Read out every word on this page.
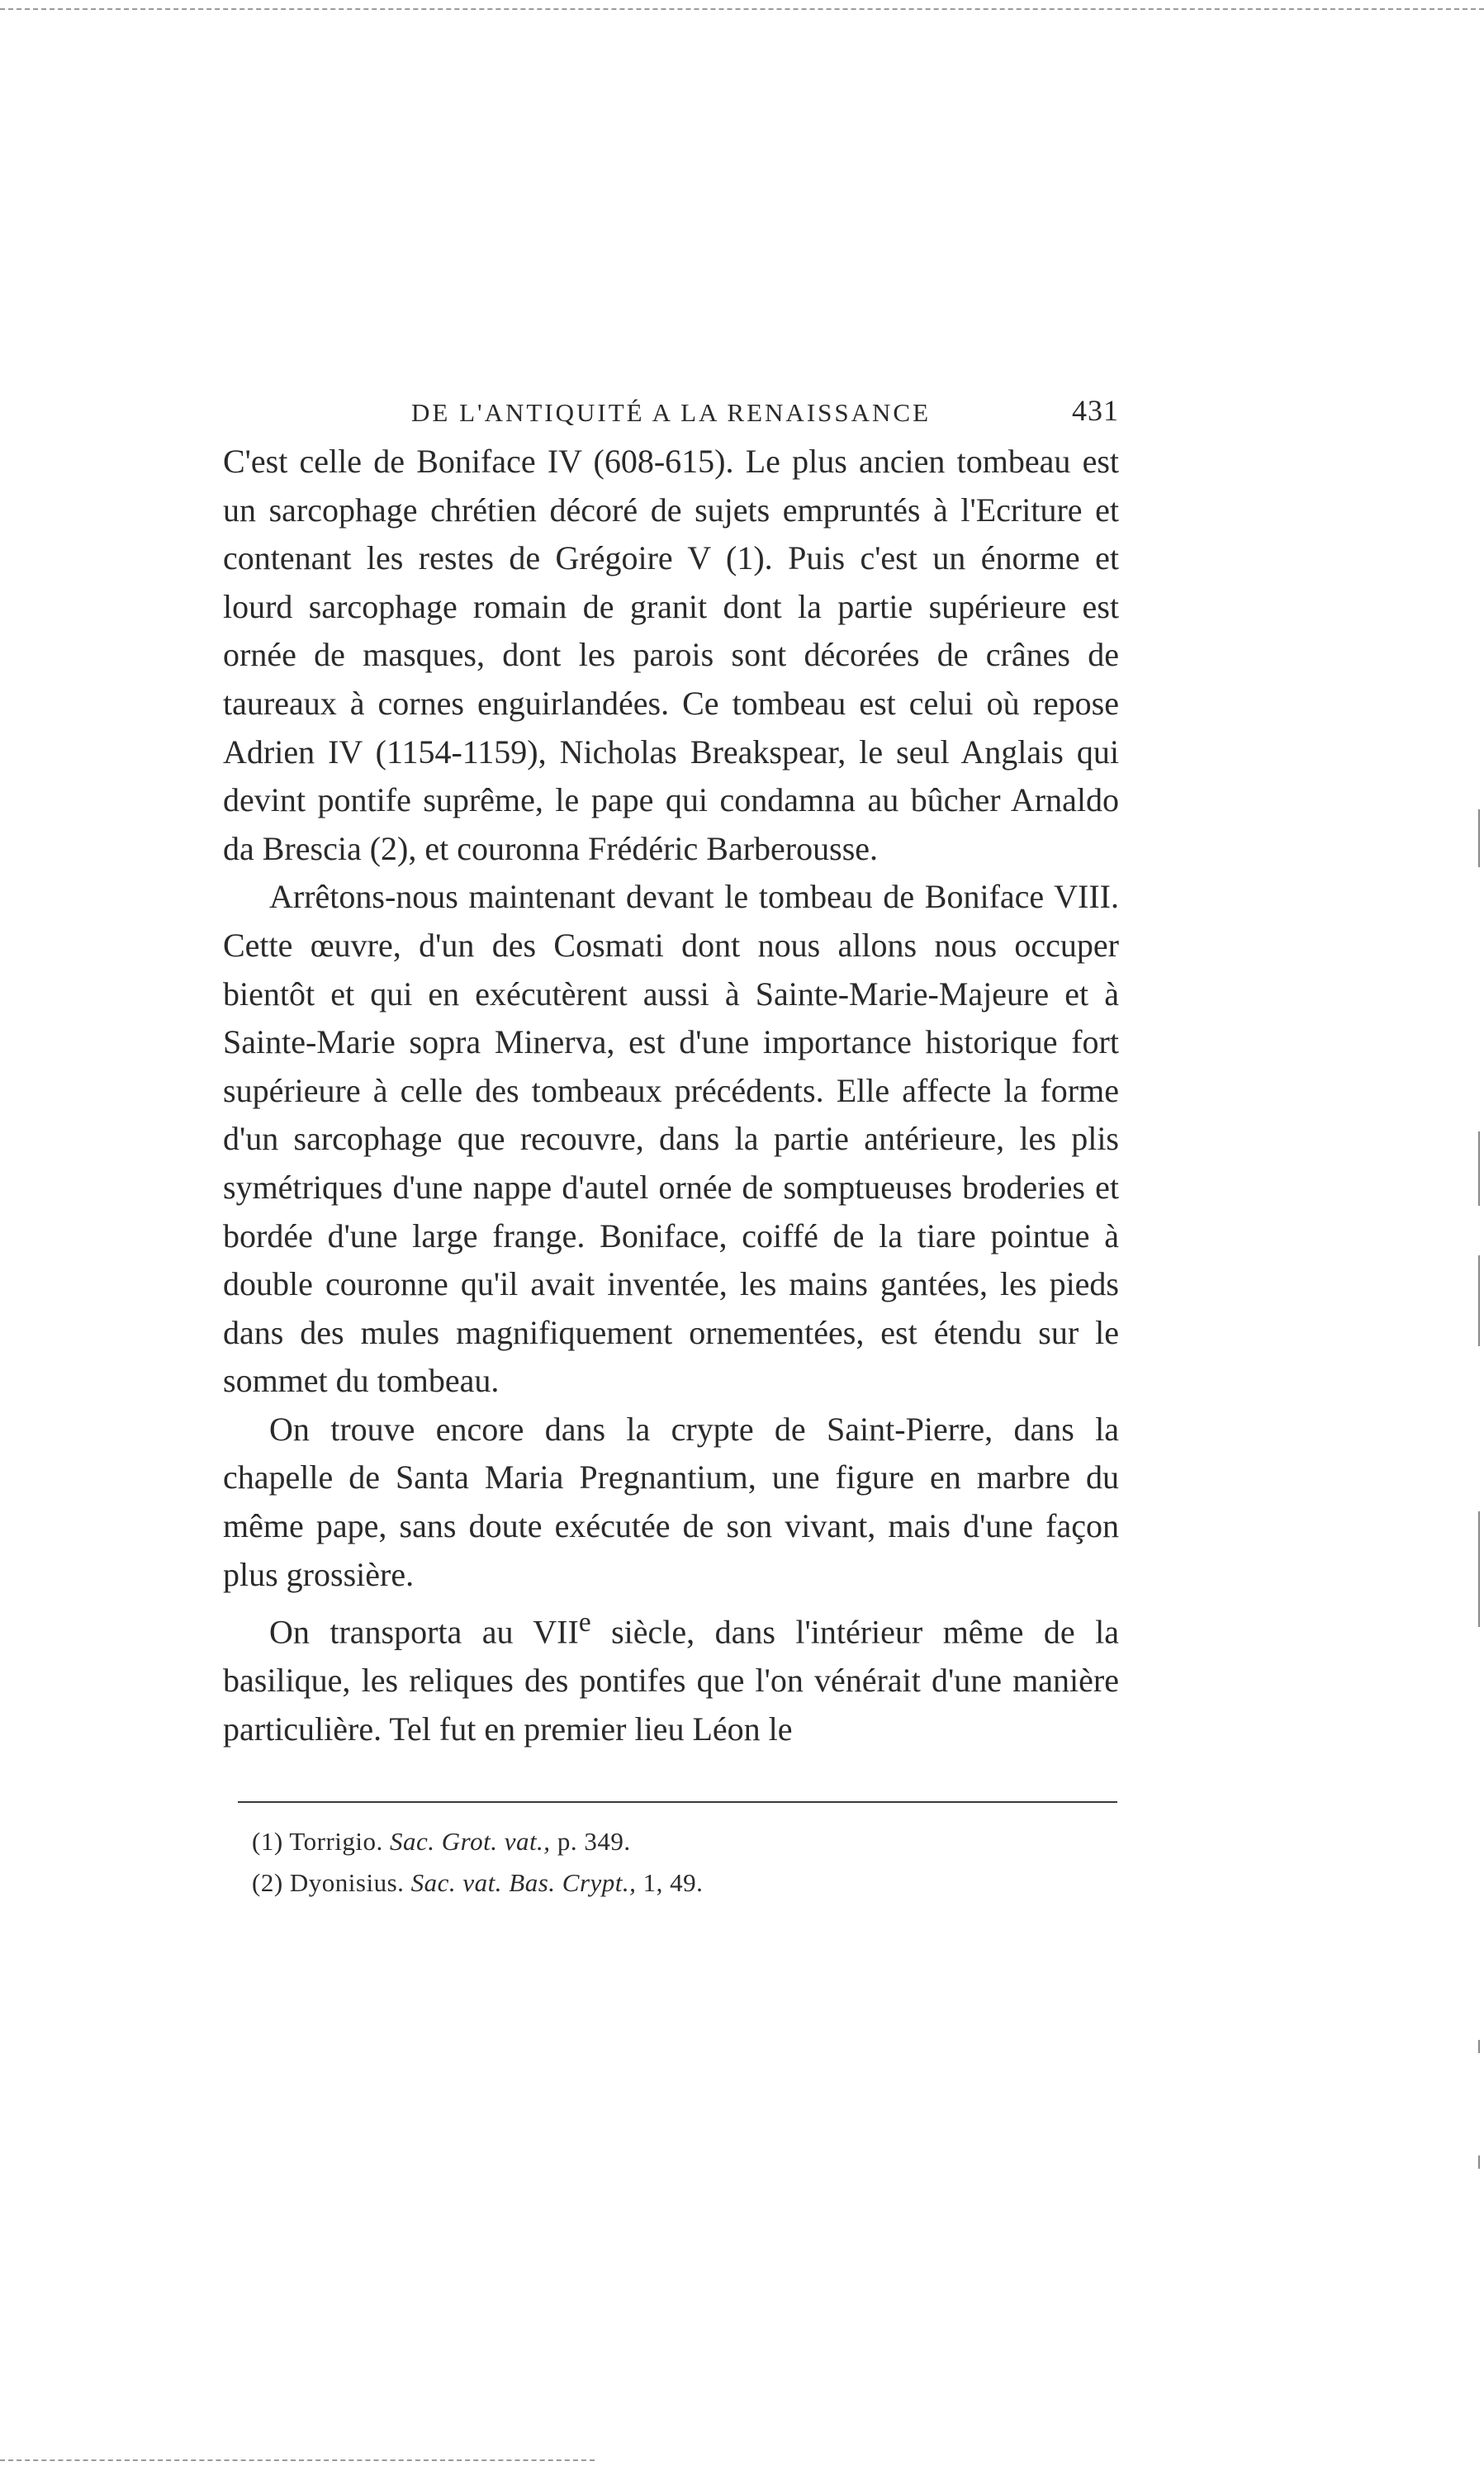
DE L'ANTIQUITÉ A LA RENAISSANCE	431

C'est celle de Boniface IV (608-615). Le plus ancien tombeau est un sarcophage chrétien décoré de sujets empruntés à l'Ecriture et contenant les restes de Grégoire V (1). Puis c'est un énorme et lourd sarcophage romain de granit dont la partie supérieure est ornée de masques, dont les parois sont décorées de crânes de taureaux à cornes enguirlandées. Ce tombeau est celui où repose Adrien IV (1154-1159), Nicholas Breakspear, le seul Anglais qui devint pontife suprême, le pape qui condamna au bûcher Arnaldo da Brescia (2), et couronna Frédéric Barberousse.

Arrêtons-nous maintenant devant le tombeau de Boniface VIII. Cette œuvre, d'un des Cosmati dont nous allons nous occuper bientôt et qui en exécutèrent aussi à Sainte-Marie-Majeure et à Sainte-Marie sopra Minerva, est d'une importance historique fort supérieure à celle des tombeaux précédents. Elle affecte la forme d'un sarcophage que recouvre, dans la partie antérieure, les plis symétriques d'une nappe d'autel ornée de somptueuses broderies et bordée d'une large frange. Boniface, coiffé de la tiare pointue à double couronne qu'il avait inventée, les mains gantées, les pieds dans des mules magnifiquement ornementées, est étendu sur le sommet du tombeau.

On trouve encore dans la crypte de Saint-Pierre, dans la chapelle de Santa Maria Pregnantium, une figure en marbre du même pape, sans doute exécutée de son vivant, mais d'une façon plus grossière.

On transporta au VIIe siècle, dans l'intérieur même de la basilique, les reliques des pontifes que l'on vénérait d'une manière particulière. Tel fut en premier lieu Léon le

(1) Torrigio. Sac. Grot. vat., p. 349.
(2) Dyonisius. Sac. vat. Bas. Crypt., 1, 49.
